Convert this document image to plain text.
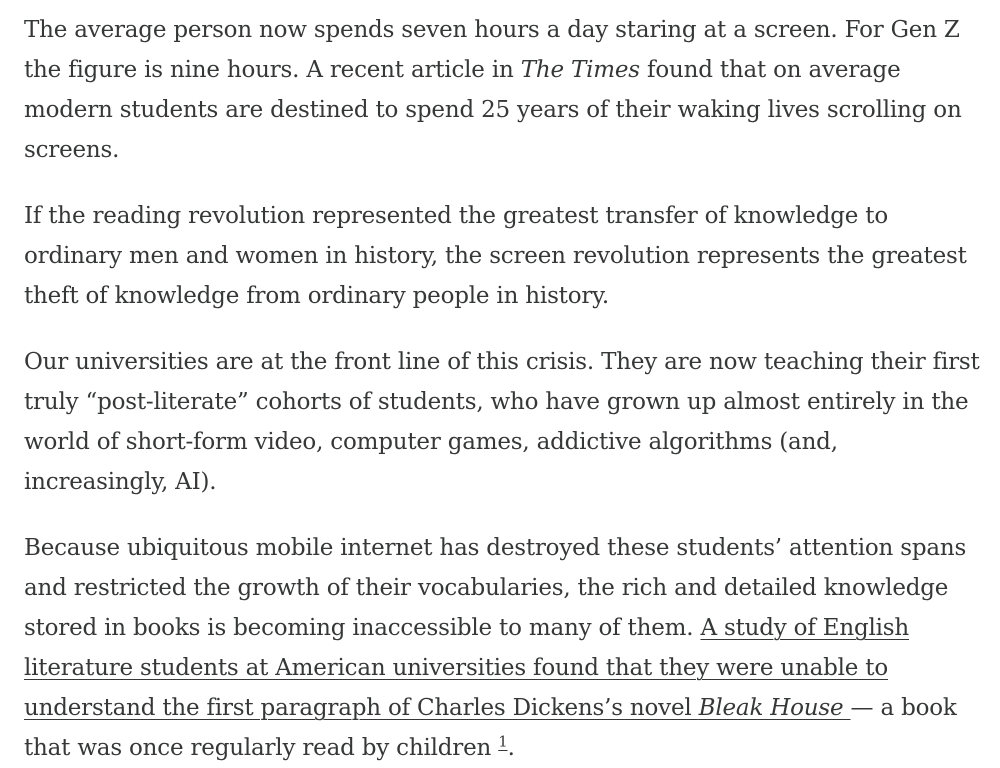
The average person now spends seven hours a day staring at a screen. For Gen Z the figure is nine hours. A recent article in The Times found that on average modern students are destined to spend 25 years of their waking lives scrolling on screens.

If the reading revolution represented the greatest transfer of knowledge to ordinary men and women in history, the screen revolution represents the greatest theft of knowledge from ordinary people in history.

Our universities are at the front line of this crisis. They are now teaching their first truly “post-literate” cohorts of students, who have grown up almost entirely in the world of short-form video, computer games, addictive algorithms (and, increasingly, AI).

Because ubiquitous mobile internet has destroyed these students’ attention spans and restricted the growth of their vocabularies, the rich and detailed knowledge stored in books is becoming inaccessible to many of them. A study of English literature students at American universities found that they were unable to understand the first paragraph of Charles Dickens’s novel Bleak House — a book that was once regularly read by children $^1$.
